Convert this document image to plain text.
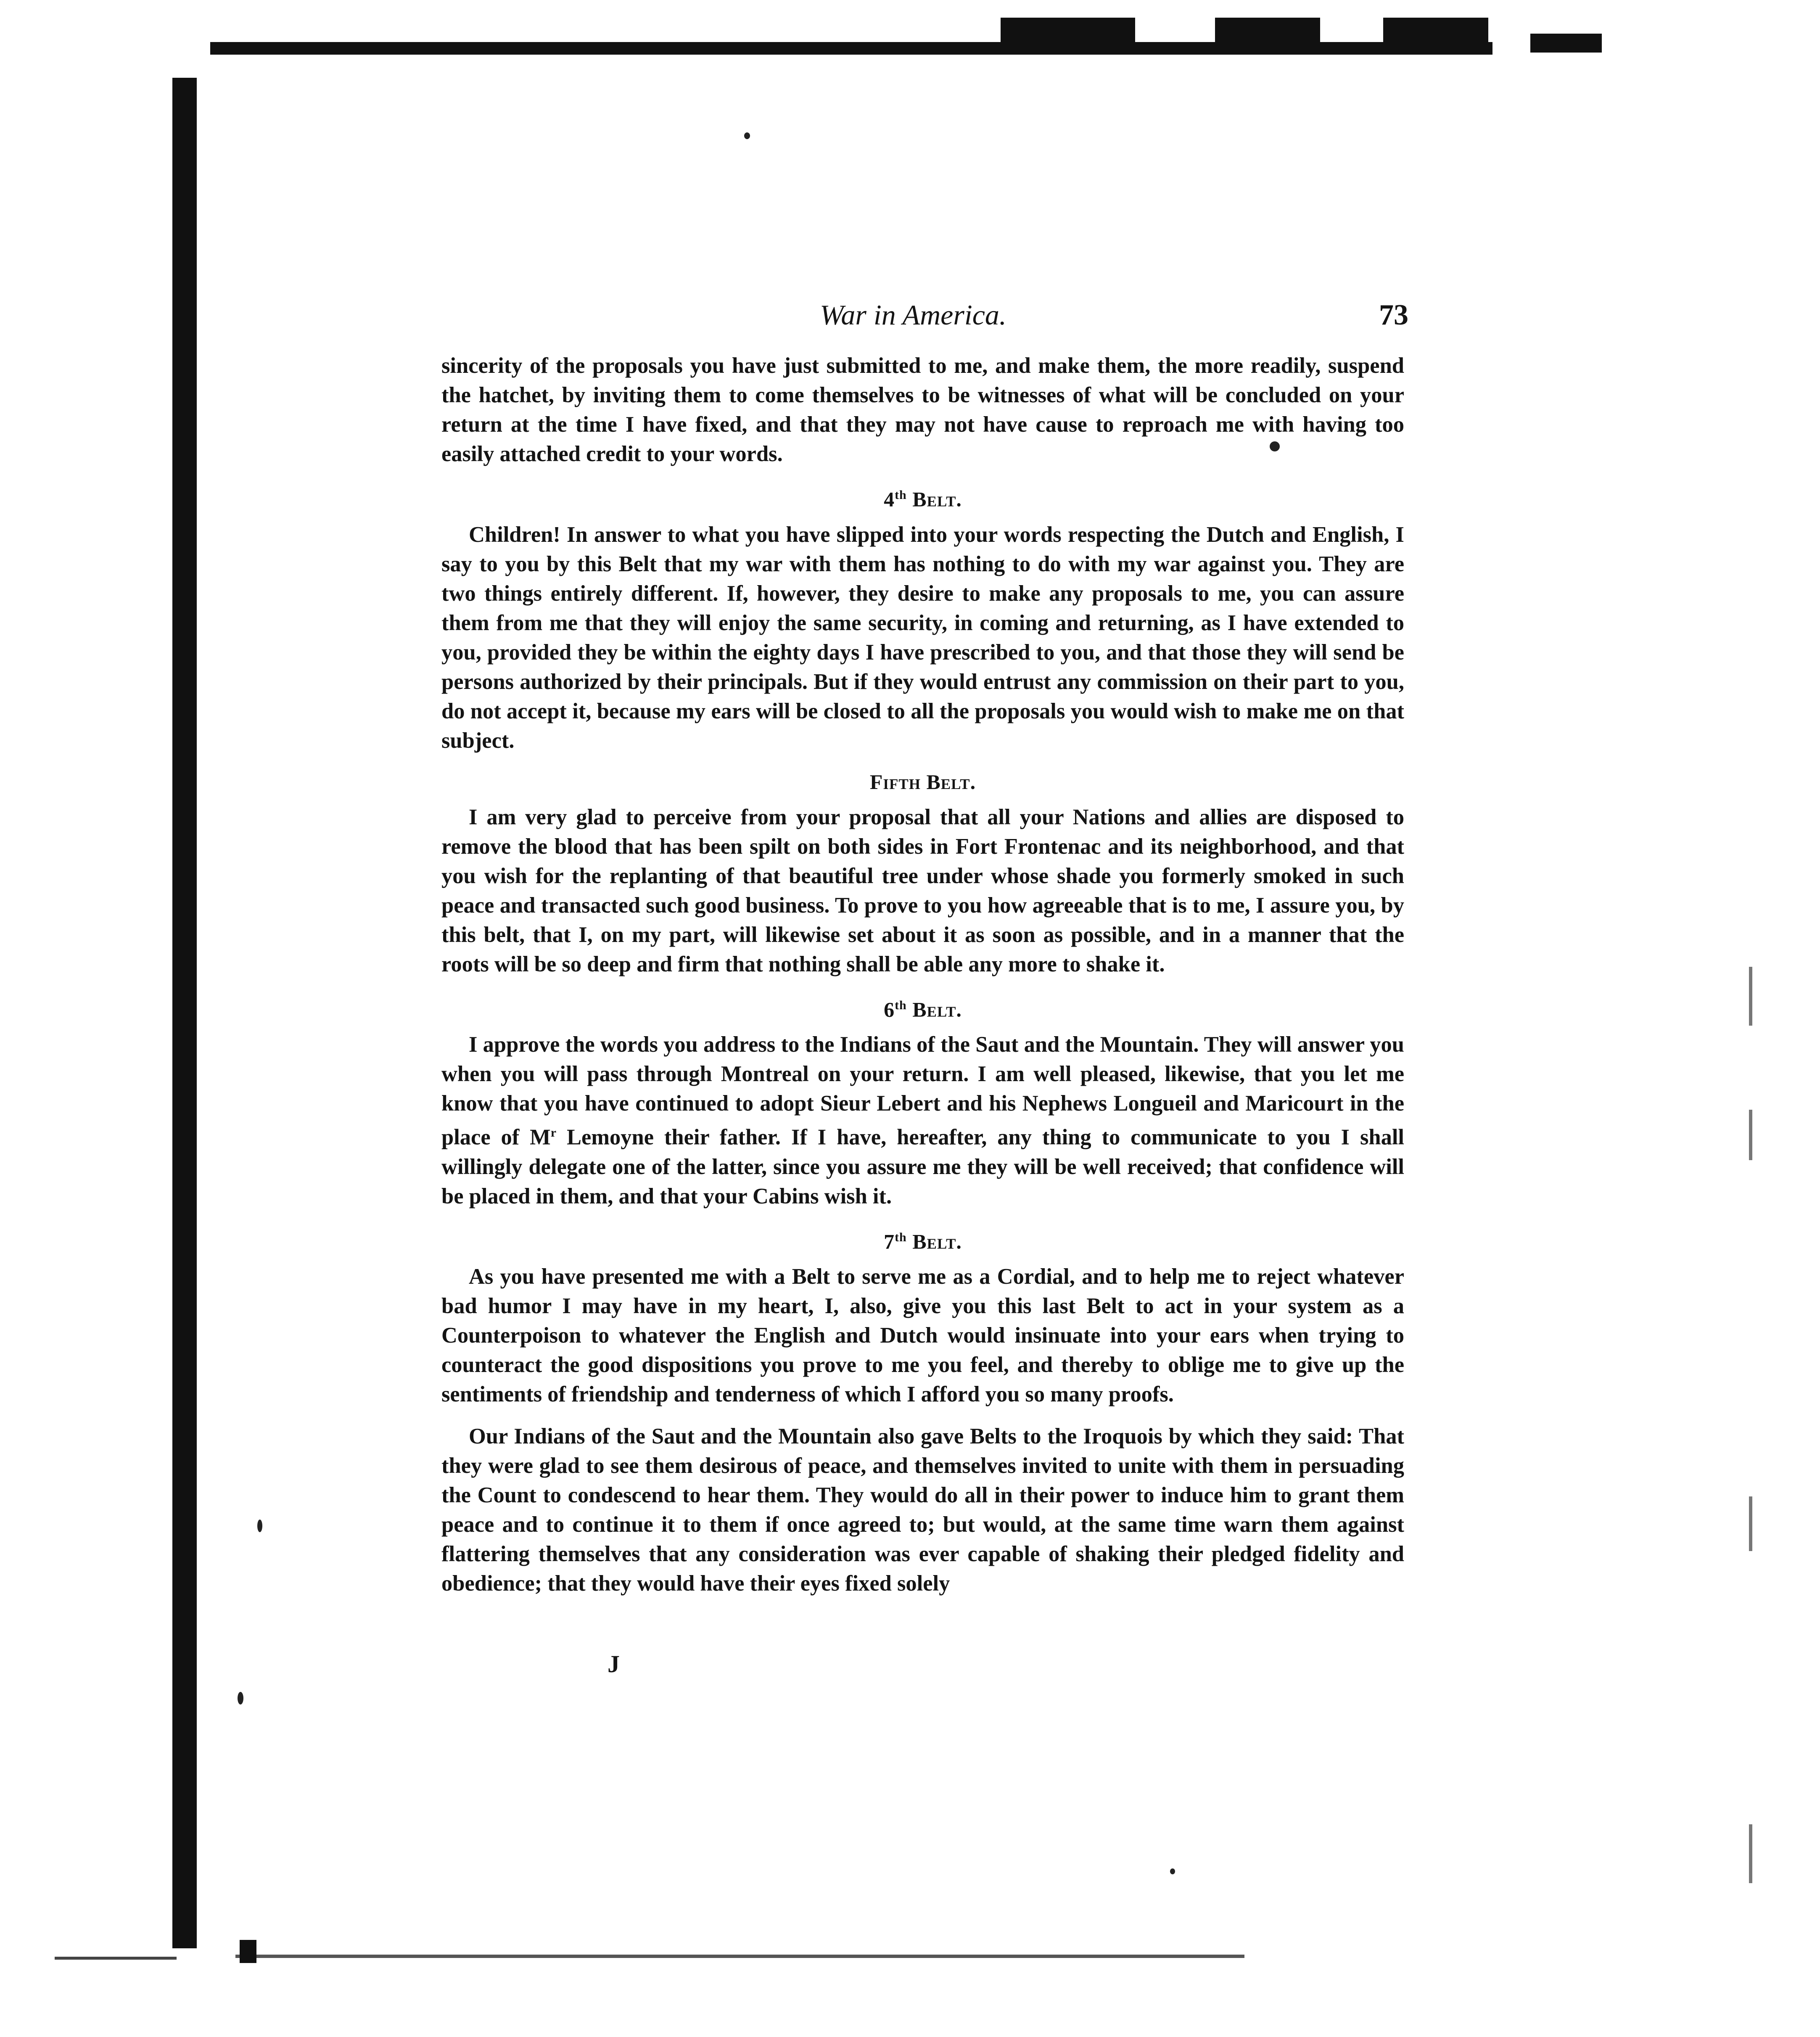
War in America.	73

sincerity of the proposals you have just submitted to me, and make them, the more readily, suspend the hatchet, by inviting them to come themselves to be witnesses of what will be concluded on your return at the time I have fixed, and that they may not have cause to reproach me with having too easily attached credit to your words.

4th Belt.

Children! In answer to what you have slipped into your words respecting the Dutch and English, I say to you by this Belt that my war with them has nothing to do with my war against you. They are two things entirely different. If, however, they desire to make any proposals to me, you can assure them from me that they will enjoy the same security, in coming and returning, as I have extended to you, provided they be within the eighty days I have prescribed to you, and that those they will send be persons authorized by their principals. But if they would entrust any commission on their part to you, do not accept it, because my ears will be closed to all the proposals you would wish to make me on that subject.

Fifth Belt.

I am very glad to perceive from your proposal that all your Nations and allies are disposed to remove the blood that has been spilt on both sides in Fort Frontenac and its neighborhood, and that you wish for the replanting of that beautiful tree under whose shade you formerly smoked in such peace and transacted such good business. To prove to you how agreeable that is to me, I assure you, by this belt, that I, on my part, will likewise set about it as soon as possible, and in a manner that the roots will be so deep and firm that nothing shall be able any more to shake it.

6th Belt.

I approve the words you address to the Indians of the Saut and the Mountain. They will answer you when you will pass through Montreal on your return. I am well pleased, likewise, that you let me know that you have continued to adopt Sieur Lebert and his Nephews Longueil and Maricourt in the place of $M^r$ Lemoyne their father. If I have, hereafter, any thing to communicate to you I shall willingly delegate one of the latter, since you assure me they will be well received; that confidence will be placed in them, and that your Cabins wish it.

7th Belt.

As you have presented me with a Belt to serve me as a Cordial, and to help me to reject whatever bad humor I may have in my heart, I, also, give you this last Belt to act in your system as a Counterpoison to whatever the English and Dutch would insinuate into your ears when trying to counteract the good dispositions you prove to me you feel, and thereby to oblige me to give up the sentiments of friendship and tenderness of which I afford you so many proofs.

Our Indians of the Saut and the Mountain also gave Belts to the Iroquois by which they said: That they were glad to see them desirous of peace, and themselves invited to unite with them in persuading the Count to condescend to hear them. They would do all in their power to induce him to grant them peace and to continue it to them if once agreed to; but would, at the same time warn them against flattering themselves that any consideration was ever capable of shaking their pledged fidelity and obedience; that they would have their eyes fixed solely

J
